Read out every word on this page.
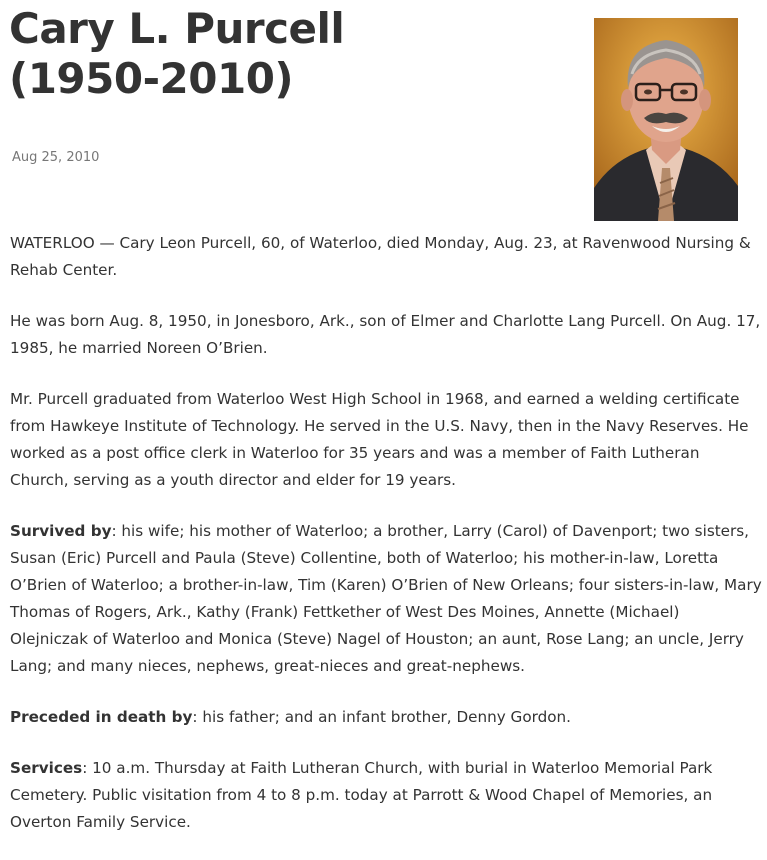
Cary L. Purcell
(1950-2010)
Aug 25, 2010

WATERLOO — Cary Leon Purcell, 60, of Waterloo, died Monday, Aug. 23, at Ravenwood Nursing & Rehab Center.

He was born Aug. 8, 1950, in Jonesboro, Ark., son of Elmer and Charlotte Lang Purcell. On Aug. 17, 1985, he married Noreen O’Brien.

Mr. Purcell graduated from Waterloo West High School in 1968, and earned a welding certificate from Hawkeye Institute of Technology. He served in the U.S. Navy, then in the Navy Reserves. He worked as a post office clerk in Waterloo for 35 years and was a member of Faith Lutheran Church, serving as a youth director and elder for 19 years.

Survived by: his wife; his mother of Waterloo; a brother, Larry (Carol) of Davenport; two sisters, Susan (Eric) Purcell and Paula (Steve) Collentine, both of Waterloo; his mother-in-law, Loretta O’Brien of Waterloo; a brother-in-law, Tim (Karen) O’Brien of New Orleans; four sisters-in-law, Mary Thomas of Rogers, Ark., Kathy (Frank) Fettkether of West Des Moines, Annette (Michael) Olejniczak of Waterloo and Monica (Steve) Nagel of Houston; an aunt, Rose Lang; an uncle, Jerry Lang; and many nieces, nephews, great-nieces and great-nephews.

Preceded in death by: his father; and an infant brother, Denny Gordon.

Services: 10 a.m. Thursday at Faith Lutheran Church, with burial in Waterloo Memorial Park Cemetery. Public visitation from 4 to 8 p.m. today at Parrott & Wood Chapel of Memories, an Overton Family Service.
